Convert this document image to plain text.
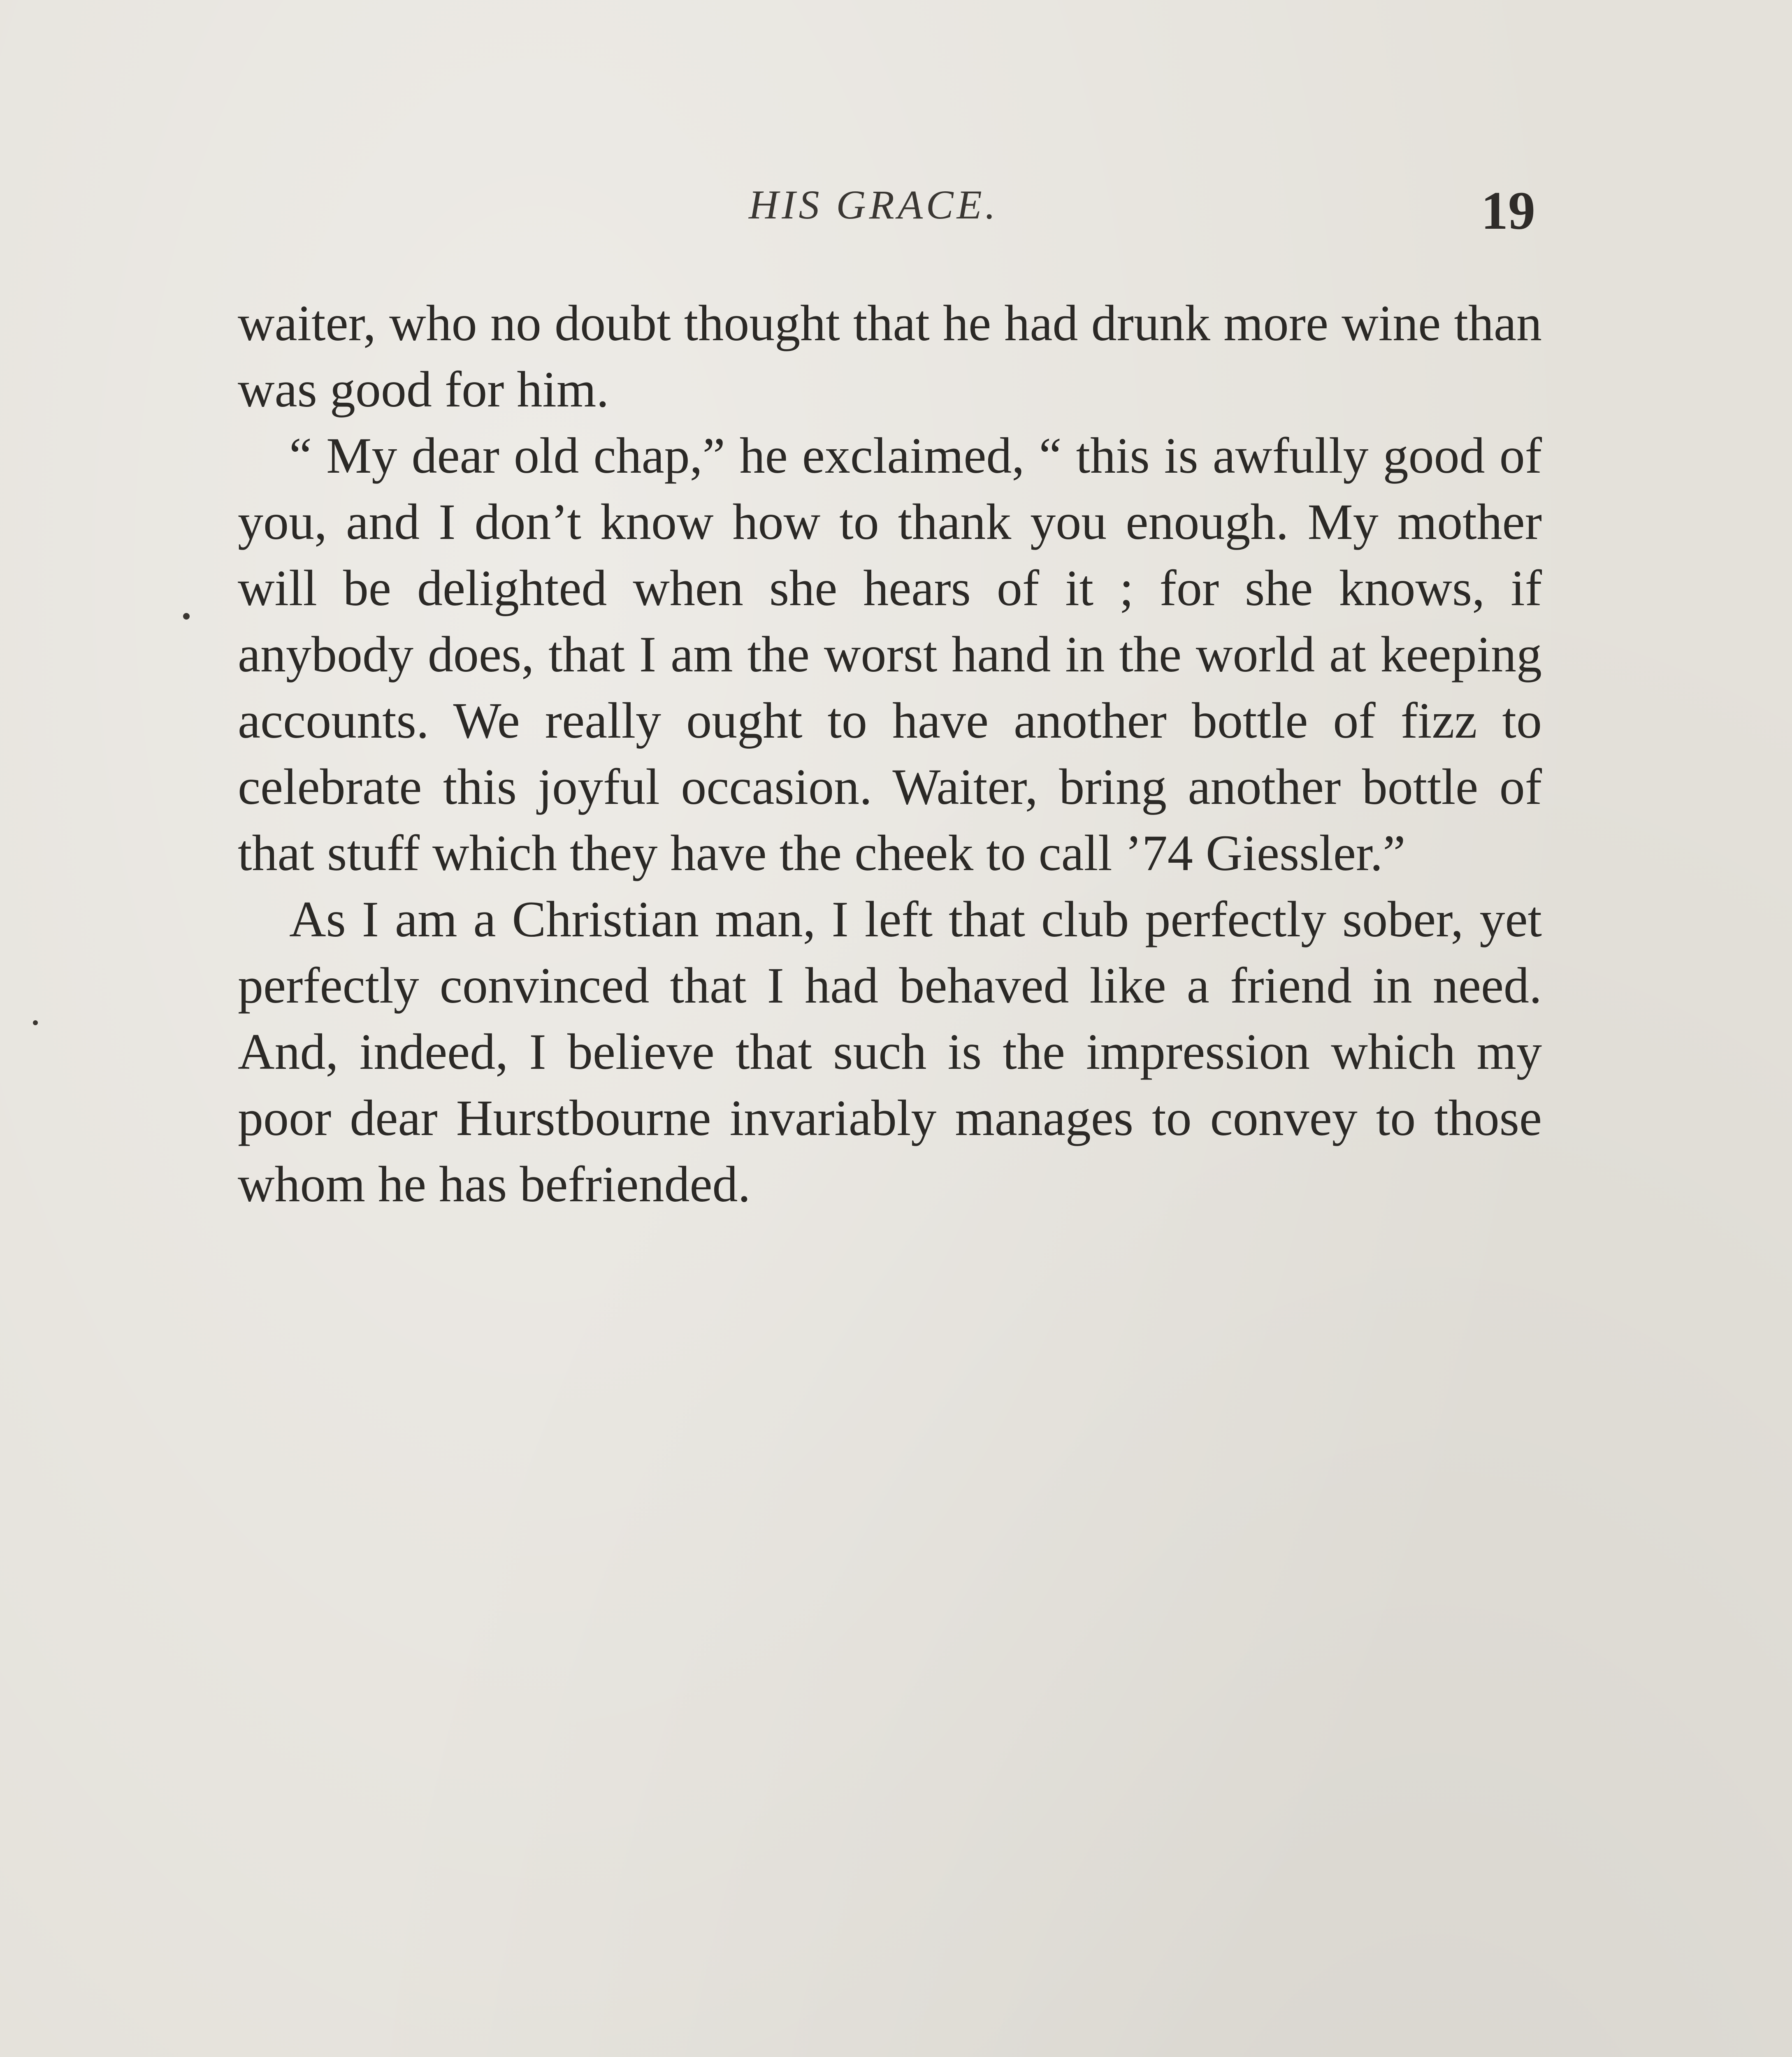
HIS GRACE.	19

waiter, who no doubt thought that he had drunk more wine than was good for him.

“ My dear old chap,” he exclaimed, “ this is awfully good of you, and I don’t know how to thank you enough. My mother will be delighted when she hears of it ; for she knows, if anybody does, that I am the worst hand in the world at keeping accounts. We really ought to have another bottle of fizz to celebrate this joyful occasion. Waiter, bring another bottle of that stuff which they have the cheek to call ’74 Giessler.”

As I am a Christian man, I left that club perfectly sober, yet perfectly convinced that I had behaved like a friend in need. And, indeed, I believe that such is the impression which my poor dear Hurstbourne invariably manages to convey to those whom he has befriended.
